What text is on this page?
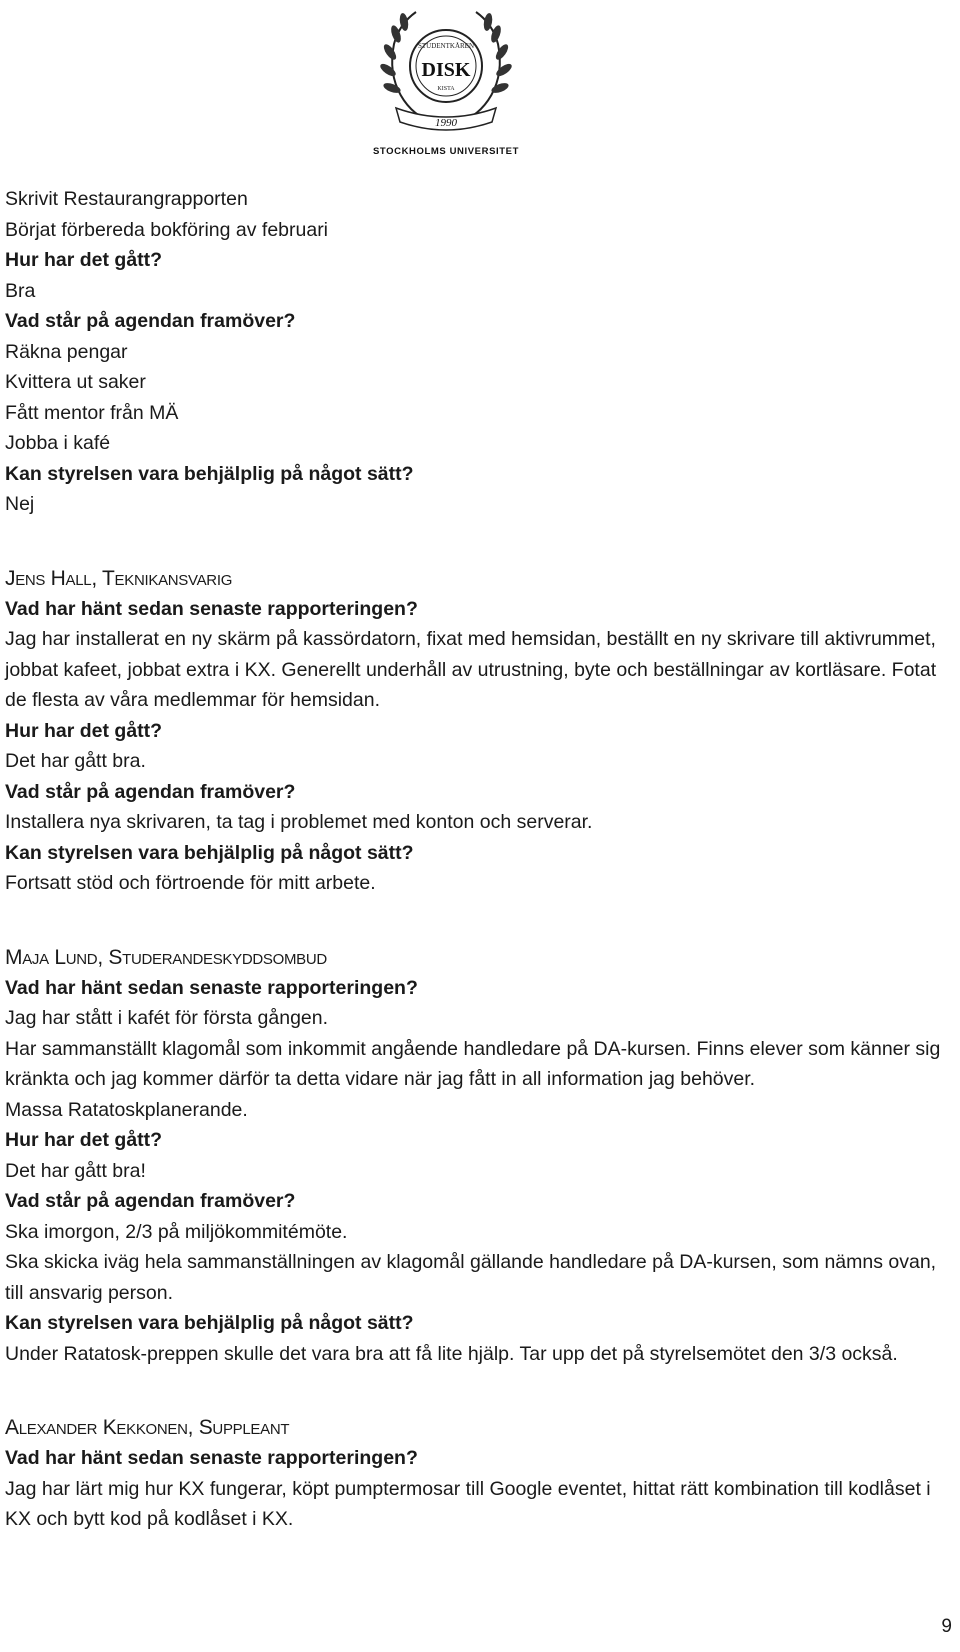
STUDENTKÅREN
DISK
KISTA
1990
STOCKHOLMS UNIVERSITET

Skrivit Restaurangrapporten

Börjat förbereda bokföring av februari

Hur har det gått?

Bra

Vad står på agendan framöver?

Räkna pengar

Kvittera ut saker

Fått mentor från MÄ

Jobba i kafé

Kan styrelsen vara behjälplig på något sätt?

Nej

Jens Hall, Teknikansvarig

Vad har hänt sedan senaste rapporteringen?

Jag har installerat en ny skärm på kassördatorn, fixat med hemsidan, beställt en ny skrivare till aktivrummet, jobbat kafeet, jobbat extra i KX. Generellt underhåll av utrustning, byte och beställningar av kortläsare. Fotat de flesta av våra medlemmar för hemsidan.

Hur har det gått?

Det har gått bra.

Vad står på agendan framöver?

Installera nya skrivaren, ta tag i problemet med konton och serverar.

Kan styrelsen vara behjälplig på något sätt?

Fortsatt stöd och förtroende för mitt arbete.

Maja Lund, Studerandeskyddsombud

Vad har hänt sedan senaste rapporteringen?

Jag har stått i kafét för första gången.

Har sammanställt klagomål som inkommit angående handledare på DA-kursen. Finns elever som känner sig kränkta och jag kommer därför ta detta vidare när jag fått in all information jag behöver.

Massa Ratatoskplanerande.

Hur har det gått?

Det har gått bra!

Vad står på agendan framöver?

Ska imorgon, 2/3 på miljökommitémöte.

Ska skicka iväg hela sammanställningen av klagomål gällande handledare på DA-kursen, som nämns ovan, till ansvarig person.

Kan styrelsen vara behjälplig på något sätt?

Under Ratatosk-preppen skulle det vara bra att få lite hjälp. Tar upp det på styrelsemötet den 3/3 också.

Alexander Kekkonen, Suppleant

Vad har hänt sedan senaste rapporteringen?

Jag har lärt mig hur KX fungerar, köpt pumptermosar till Google eventet, hittat rätt kombination till kodlåset i KX och bytt kod på kodlåset i KX.

9
